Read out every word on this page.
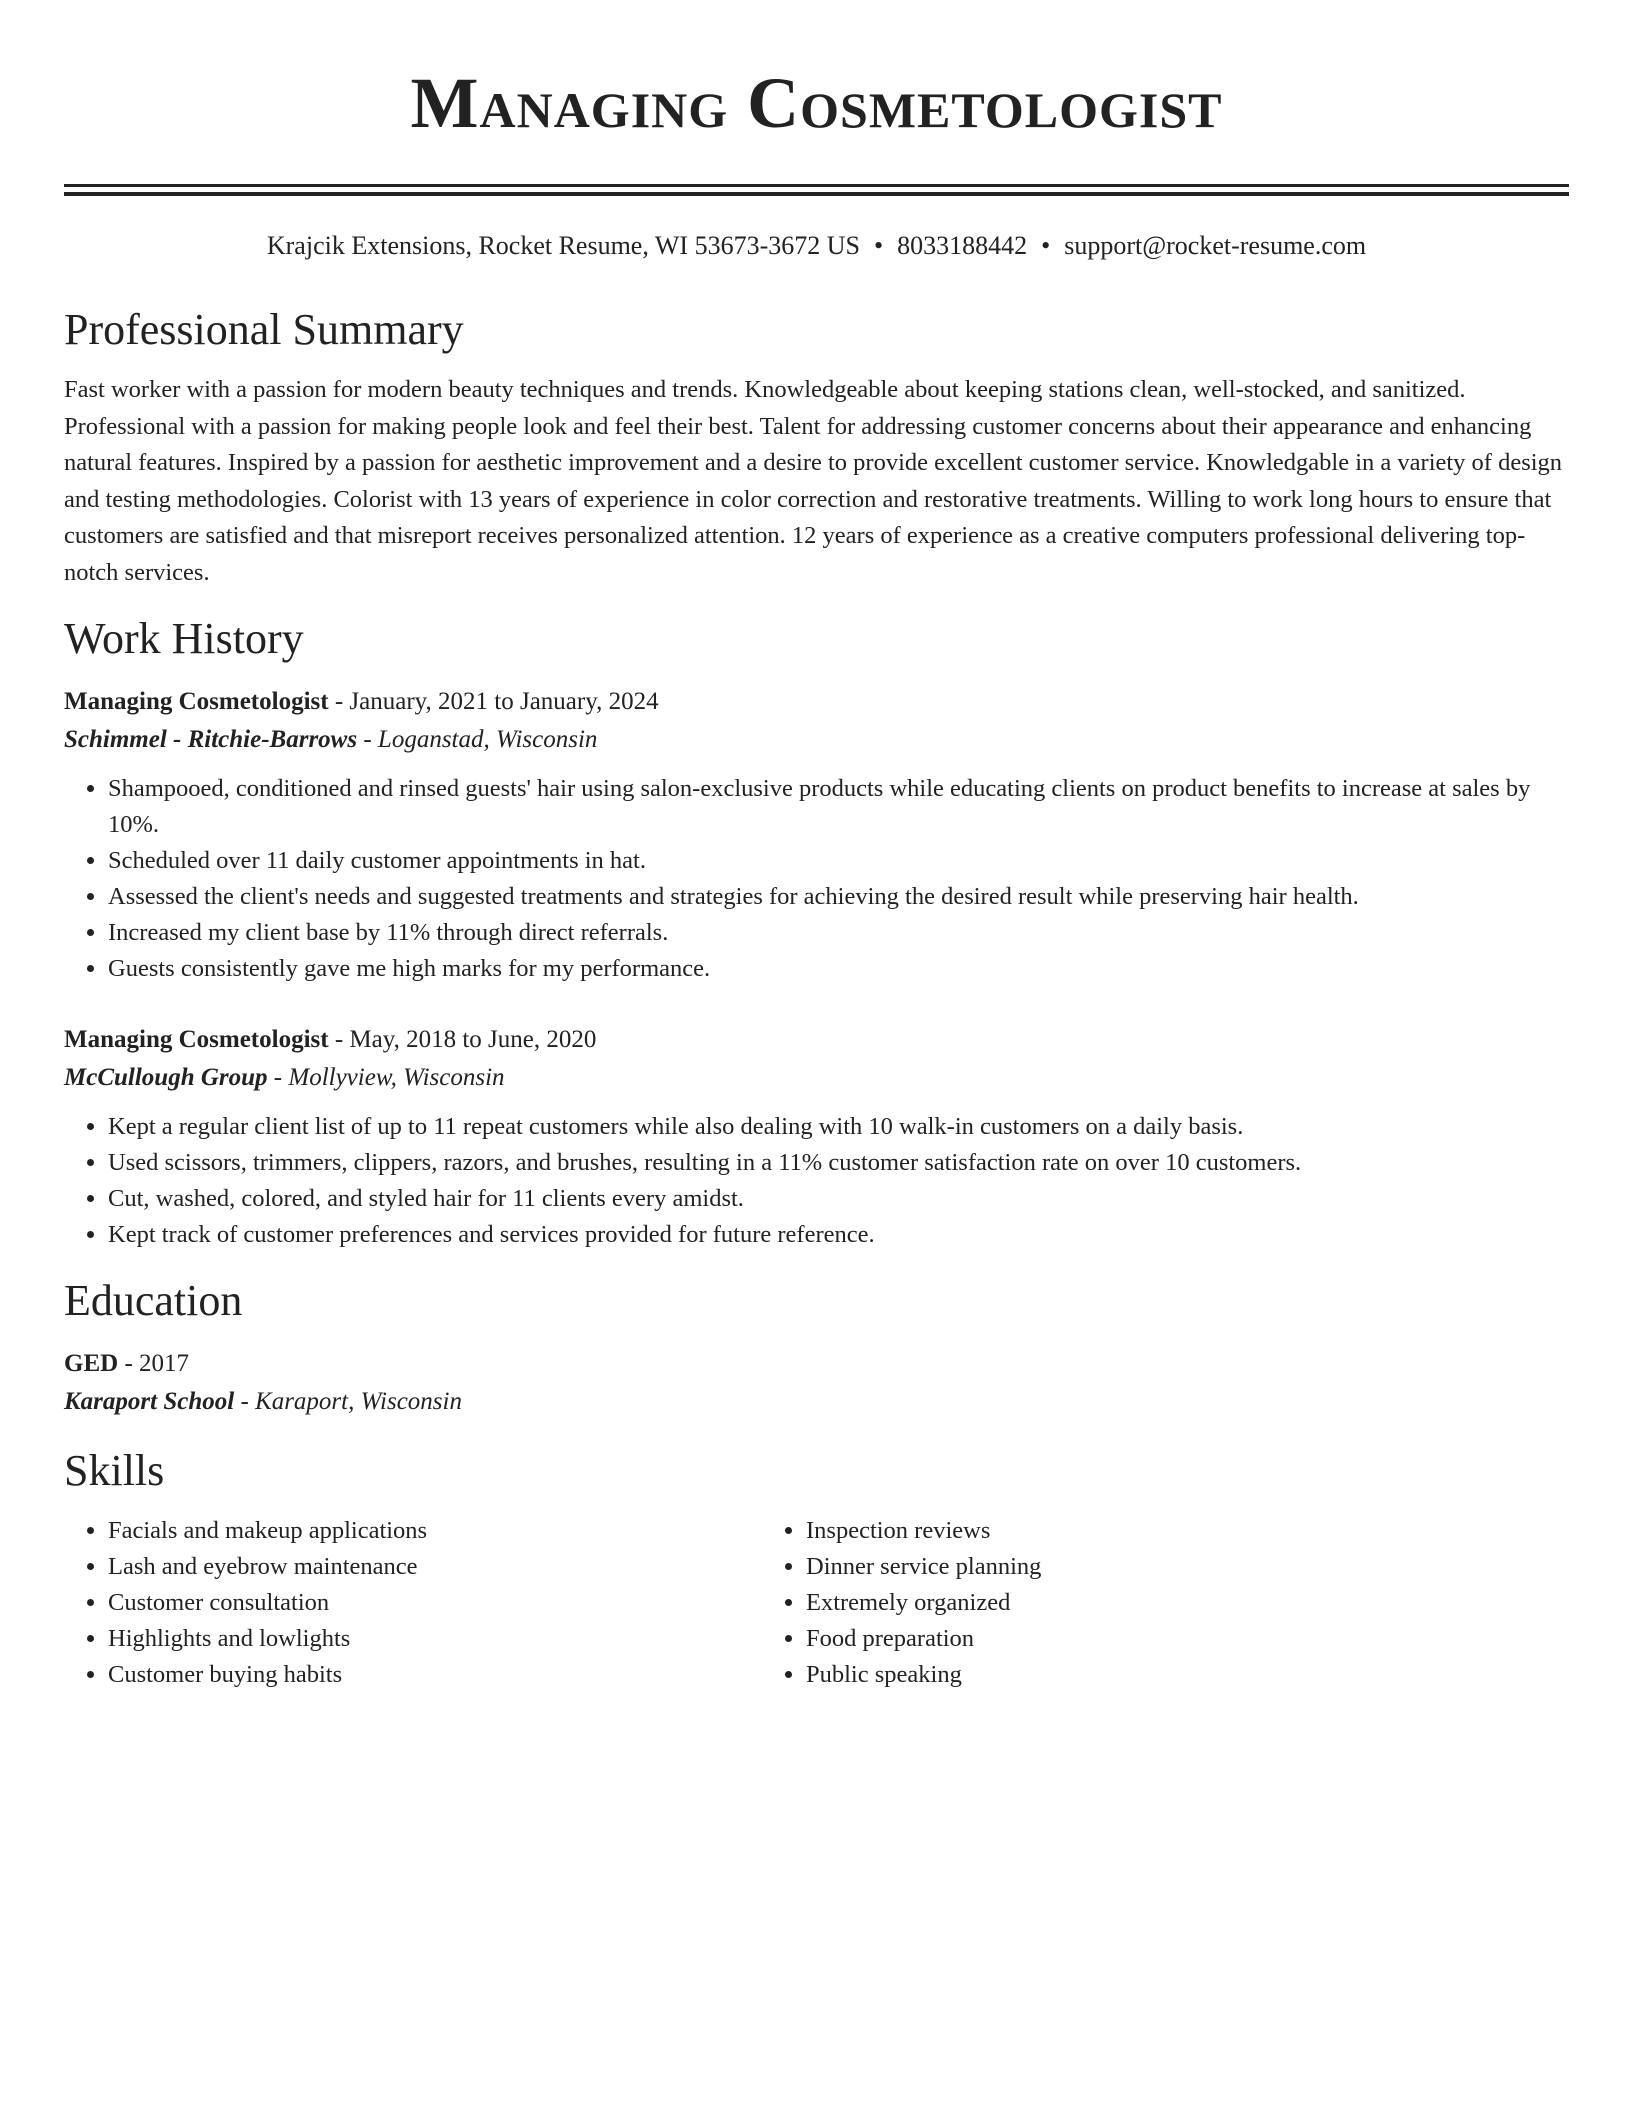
Managing Cosmetologist
Krajcik Extensions, Rocket Resume, WI 53673-3672 US • 8033188442 • support@rocket-resume.com
Professional Summary

Fast worker with a passion for modern beauty techniques and trends. Knowledgeable about keeping stations clean, well-stocked, and sanitized. Professional with a passion for making people look and feel their best. Talent for addressing customer concerns about their appearance and enhancing natural features. Inspired by a passion for aesthetic improvement and a desire to provide excellent customer service. Knowledgable in a variety of design and testing methodologies. Colorist with 13 years of experience in color correction and restorative treatments. Willing to work long hours to ensure that customers are satisfied and that misreport receives personalized attention. 12 years of experience as a creative computers professional delivering top-notch services.

Work History
Managing Cosmetologist - January, 2021 to January, 2024
Schimmel - Ritchie-Barrows - Loganstad, Wisconsin
• Shampooed, conditioned and rinsed guests' hair using salon-exclusive products while educating clients on product benefits to increase at sales by 10%.
• Scheduled over 11 daily customer appointments in hat.
• Assessed the client's needs and suggested treatments and strategies for achieving the desired result while preserving hair health.
• Increased my client base by 11% through direct referrals.
• Guests consistently gave me high marks for my performance.
Managing Cosmetologist - May, 2018 to June, 2020
McCullough Group - Mollyview, Wisconsin
• Kept a regular client list of up to 11 repeat customers while also dealing with 10 walk-in customers on a daily basis.
• Used scissors, trimmers, clippers, razors, and brushes, resulting in a 11% customer satisfaction rate on over 10 customers.
• Cut, washed, colored, and styled hair for 11 clients every amidst.
• Kept track of customer preferences and services provided for future reference.
Education
GED - 2017
Karaport School - Karaport, Wisconsin
Skills
• Facials and makeup applications
• Lash and eyebrow maintenance
• Customer consultation
• Highlights and lowlights
• Customer buying habits
• Inspection reviews
• Dinner service planning
• Extremely organized
• Food preparation
• Public speaking
